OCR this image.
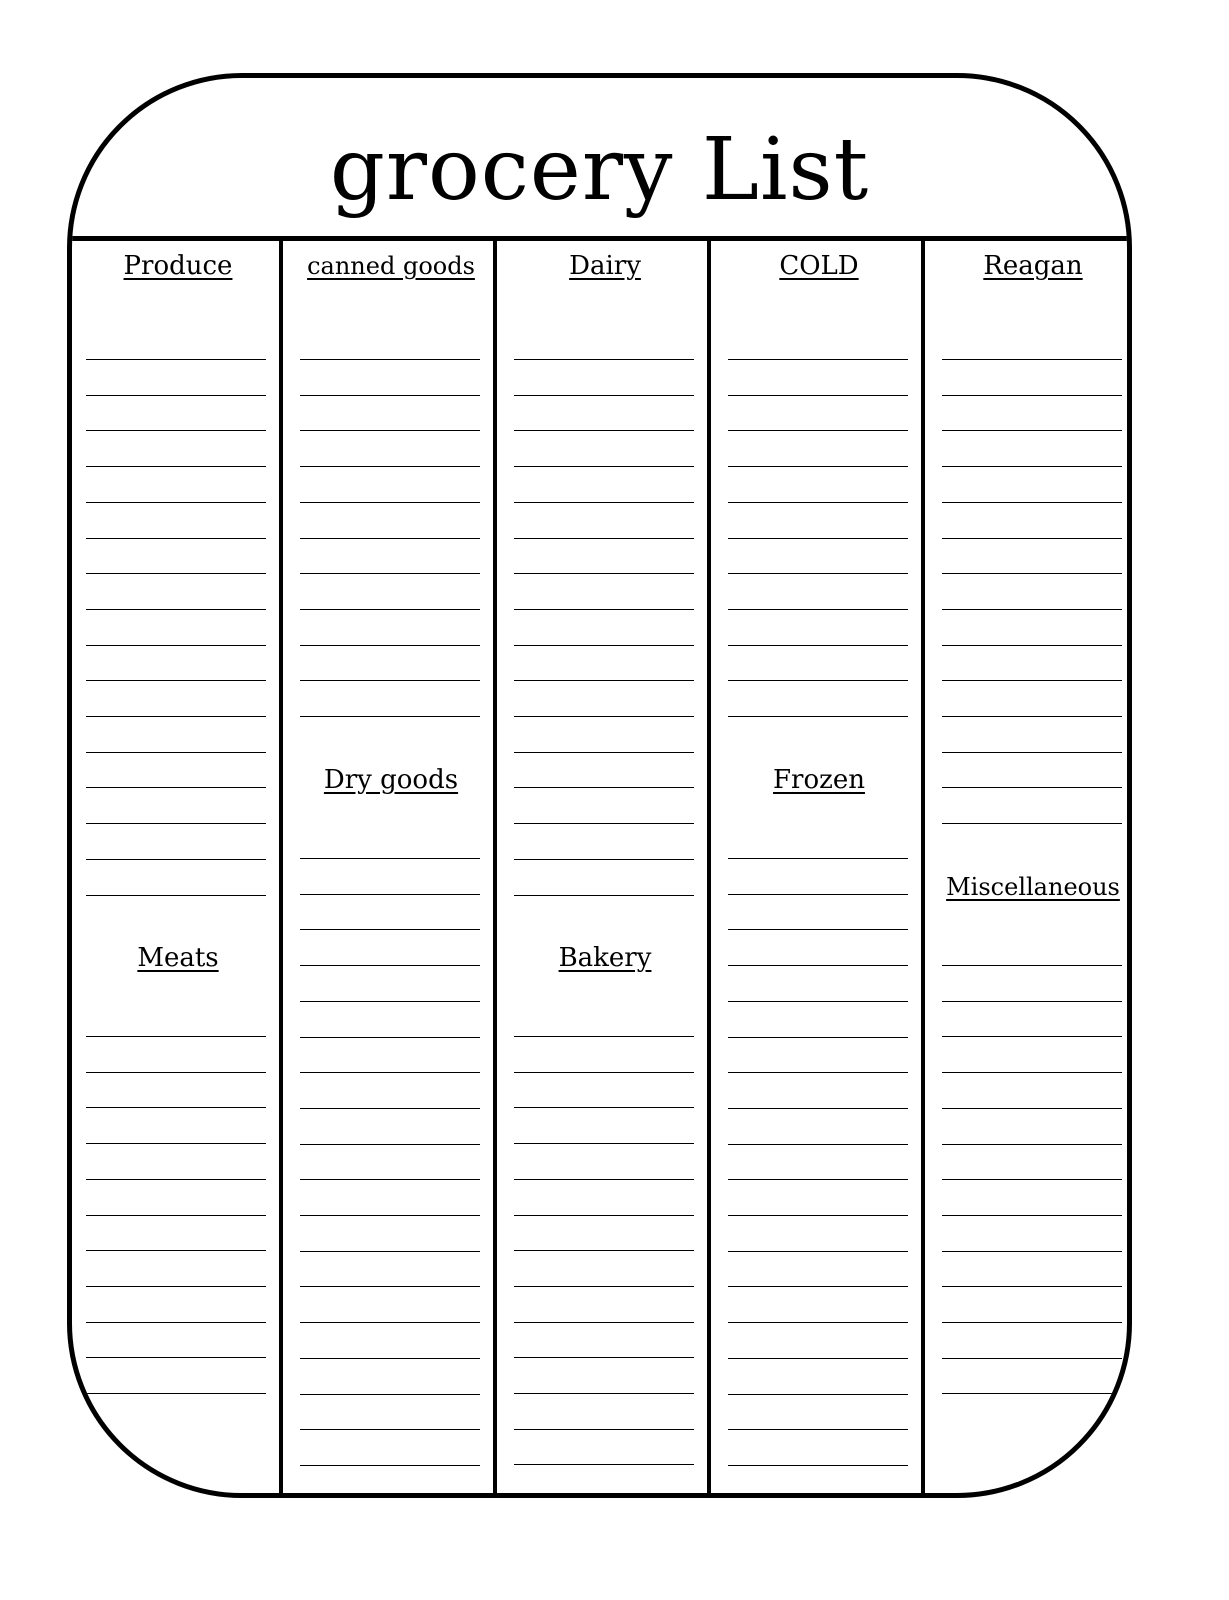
grocery List
Produce
Meats
canned goods
Dry goods
Dairy
Bakery
COLD
Frozen
Reagan
Miscellaneous
